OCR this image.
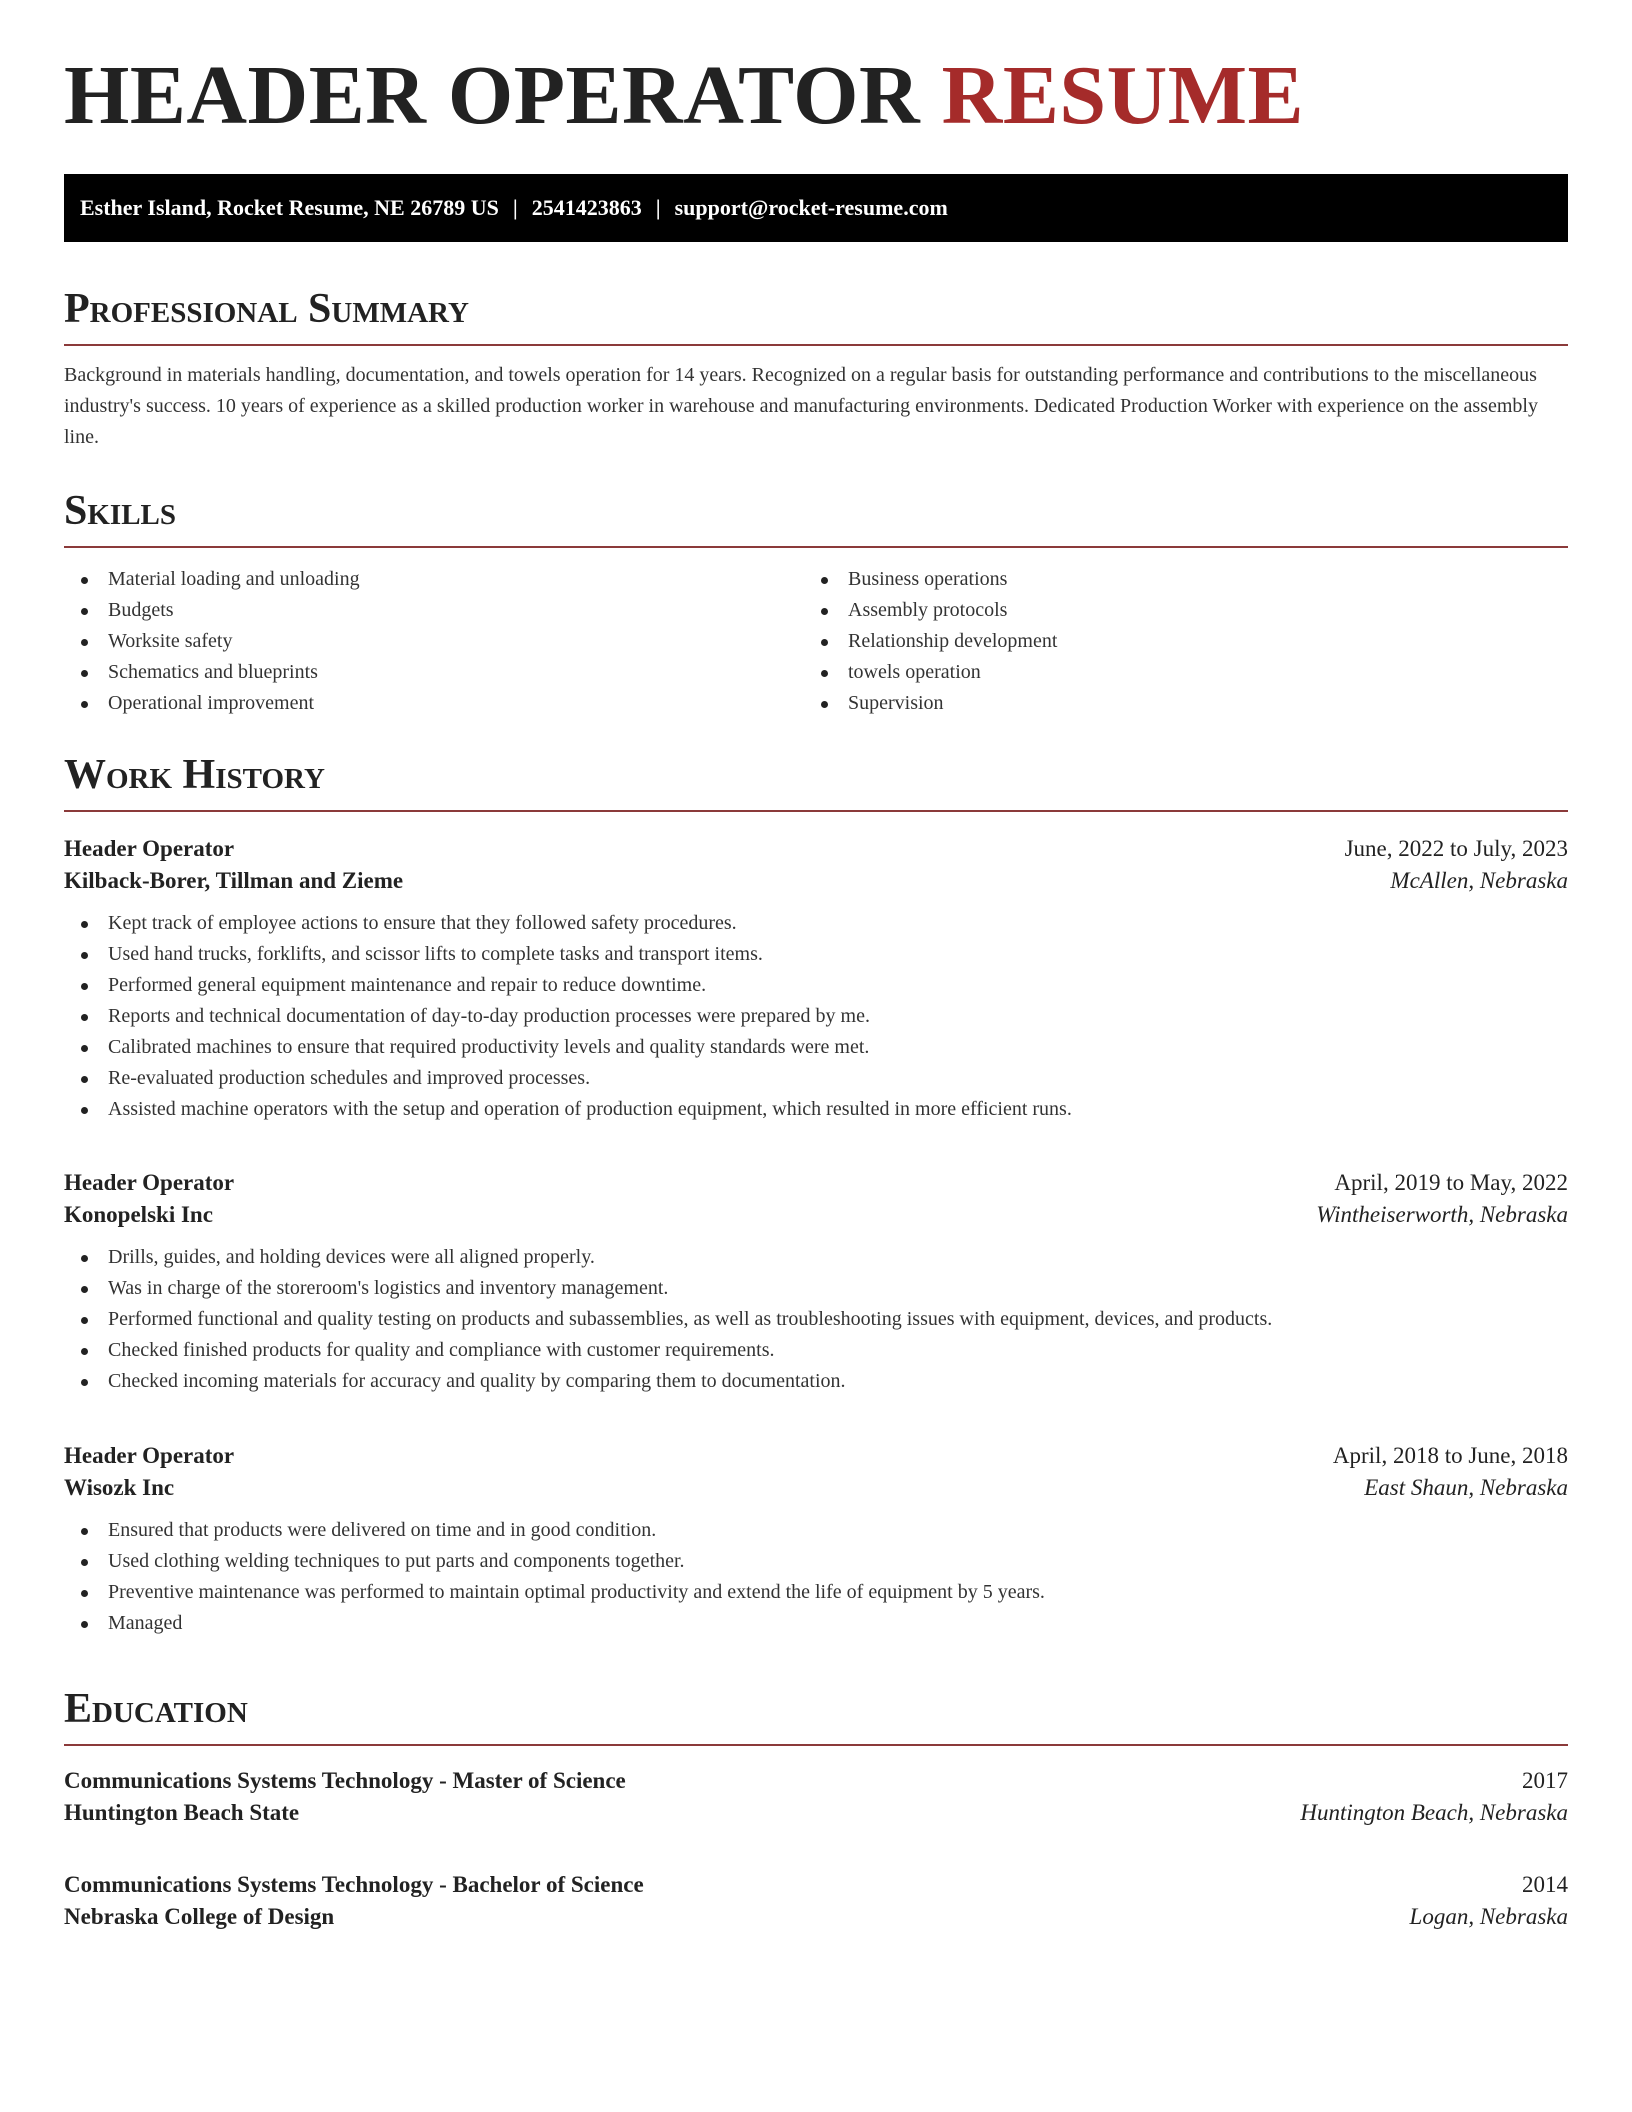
HEADER OPERATOR RESUME
Esther Island, Rocket Resume, NE 26789 US | 2541423863 | support@rocket-resume.com
Professional Summary

Background in materials handling, documentation, and towels operation for 14 years. Recognized on a regular basis for outstanding performance and contributions to the miscellaneous industry's success. 10 years of experience as a skilled production worker in warehouse and manufacturing environments. Dedicated Production Worker with experience on the assembly line.

Skills
Material loading and unloading
Budgets
Worksite safety
Schematics and blueprints
Operational improvement
Business operations
Assembly protocols
Relationship development
towels operation
Supervision
Work History
Header Operator	June, 2022 to July, 2023
Kilback-Borer, Tillman and Zieme	McAllen, Nebraska
Kept track of employee actions to ensure that they followed safety procedures.
Used hand trucks, forklifts, and scissor lifts to complete tasks and transport items.
Performed general equipment maintenance and repair to reduce downtime.
Reports and technical documentation of day-to-day production processes were prepared by me.
Calibrated machines to ensure that required productivity levels and quality standards were met.
Re-evaluated production schedules and improved processes.
Assisted machine operators with the setup and operation of production equipment, which resulted in more efficient runs.
Header Operator	April, 2019 to May, 2022
Konopelski Inc	Wintheiserworth, Nebraska
Drills, guides, and holding devices were all aligned properly.
Was in charge of the storeroom's logistics and inventory management.
Performed functional and quality testing on products and subassemblies, as well as troubleshooting issues with equipment, devices, and products.
Checked finished products for quality and compliance with customer requirements.
Checked incoming materials for accuracy and quality by comparing them to documentation.
Header Operator	April, 2018 to June, 2018
Wisozk Inc	East Shaun, Nebraska
Ensured that products were delivered on time and in good condition.
Used clothing welding techniques to put parts and components together.
Preventive maintenance was performed to maintain optimal productivity and extend the life of equipment by 5 years.
Managed
Education
Communications Systems Technology - Master of Science	2017
Huntington Beach State	Huntington Beach, Nebraska
Communications Systems Technology - Bachelor of Science	2014
Nebraska College of Design	Logan, Nebraska
